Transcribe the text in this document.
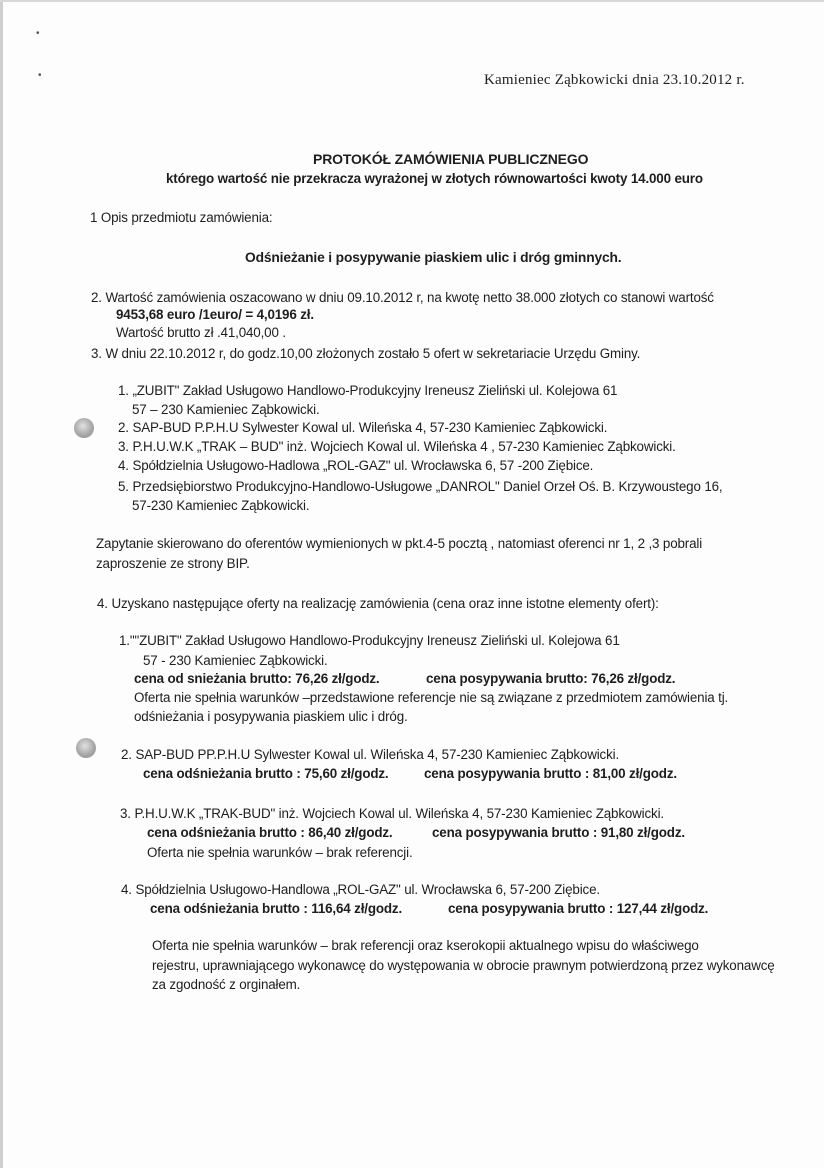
•
•	Kamieniec Ząbkowicki dnia 23.10.2012 r.
PROTOKÓŁ ZAMÓWIENIA PUBLICZNEGO
którego wartość nie przekracza wyrażonej w złotych równowartości kwoty 14.000 euro
1 Opis przedmiotu zamówienia:
Odśnieżanie i posypywanie piaskiem ulic i dróg gminnych.
2. Wartość zamówienia oszacowano w dniu 09.10.2012 r, na kwotę netto 38.000 złotych co stanowi wartość
9453,68 euro /1euro/ = 4,0196 zł.
Wartość brutto zł .41,040,00 .
3. W dniu 22.10.2012 r, do godz.10,00 złożonych zostało 5 ofert w sekretariacie Urzędu Gminy.
1. „ZUBIT" Zakład Usługowo Handlowo-Produkcyjny Ireneusz Zieliński ul. Kolejowa 61
57 – 230 Kamieniec Ząbkowicki.
2. SAP-BUD P.P.H.U Sylwester Kowal ul. Wileńska 4, 57-230 Kamieniec Ząbkowicki.
3. P.H.U.W.K „TRAK – BUD" inż. Wojciech Kowal ul. Wileńska 4 , 57-230 Kamieniec Ząbkowicki.
4. Spółdzielnia Usługowo-Hadlowa „ROL-GAZ" ul. Wrocławska 6, 57 -200 Ziębice.
5. Przedsiębiorstwo Produkcyjno-Handlowo-Usługowe „DANROL" Daniel Orzeł Oś. B. Krzywoustego 16,
57-230 Kamieniec Ząbkowicki.
Zapytanie skierowano do oferentów wymienionych w pkt.4-5 pocztą , natomiast oferenci nr 1, 2 ,3 pobrali
zaproszenie ze strony BIP.
4. Uzyskano następujące oferty na realizację zamówienia (cena oraz inne istotne elementy ofert):
1.""ZUBIT" Zakład Usługowo Handlowo-Produkcyjny Ireneusz Zieliński ul. Kolejowa 61
57 - 230 Kamieniec Ząbkowicki.
cena od snieżania brutto: 76,26 zł/godz.	cena posypywania brutto: 76,26 zł/godz.
Oferta nie spełnia warunków –przedstawione referencje nie są związane z przedmiotem zamówienia tj.
odśnieżania i posypywania piaskiem ulic i dróg.
2. SAP-BUD PP.P.H.U Sylwester Kowal ul. Wileńska 4, 57-230 Kamieniec Ząbkowicki.
cena odśnieżania brutto : 75,60 zł/godz.	cena posypywania brutto : 81,00 zł/godz.
3. P.H.U.W.K „TRAK-BUD" inż. Wojciech Kowal ul. Wileńska 4, 57-230 Kamieniec Ząbkowicki.
cena odśnieżania brutto : 86,40 zł/godz.	cena posypywania brutto : 91,80 zł/godz.
Oferta nie spełnia warunków – brak referencji.
4. Spółdzielnia Usługowo-Handlowa „ROL-GAZ" ul. Wrocławska 6, 57-200 Ziębice.
cena odśnieżania brutto : 116,64 zł/godz.	cena posypywania brutto : 127,44 zł/godz.
Oferta nie spełnia warunków – brak referencji oraz kserokopii aktualnego wpisu do właściwego
rejestru, uprawniającego wykonawcę do występowania w obrocie prawnym potwierdzoną przez wykonawcę
za zgodność z orginałem.
